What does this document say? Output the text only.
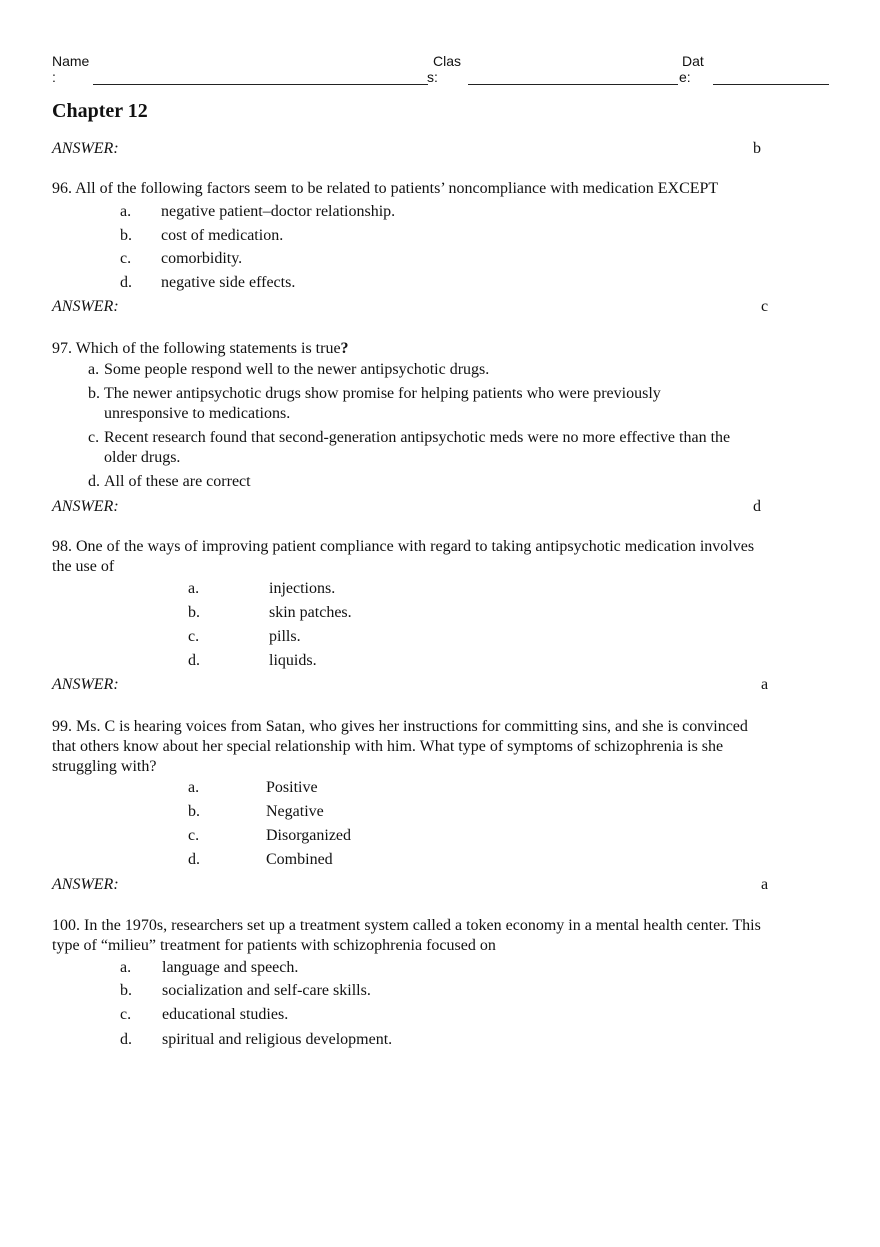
Name
:
Clas
s:
Dat
e:
Chapter 12
ANSWER:	b
96. All of the following factors seem to be related to patients’ noncompliance with medication EXCEPT
a. negative patient–doctor relationship.
b. cost of medication.
c. comorbidity.
d. negative side effects.
ANSWER:	c
97. Which of the following statements is true?
a. Some people respond well to the newer antipsychotic drugs.
b. The newer antipsychotic drugs show promise for helping patients who were previously
unresponsive to medications.
c. Recent research found that second-generation antipsychotic meds were no more effective than the
older drugs.
d. All of these are correct
ANSWER:	d
98. One of the ways of improving patient compliance with regard to taking antipsychotic medication involves
the use of
a.	injections.
b.	skin patches.
c.	pills.
d.	liquids.
ANSWER:	a
99. Ms. C is hearing voices from Satan, who gives her instructions for committing sins, and she is convinced
that others know about her special relationship with him. What type of symptoms of schizophrenia is she
struggling with?
a.	Positive
b.	Negative
c.	Disorganized
d.	Combined
ANSWER:	a
100. In the 1970s, researchers set up a treatment system called a token economy in a mental health center. This
type of “milieu” treatment for patients with schizophrenia focused on
a. language and speech.
b. socialization and self-care skills.
c. educational studies.
d. spiritual and religious development.
